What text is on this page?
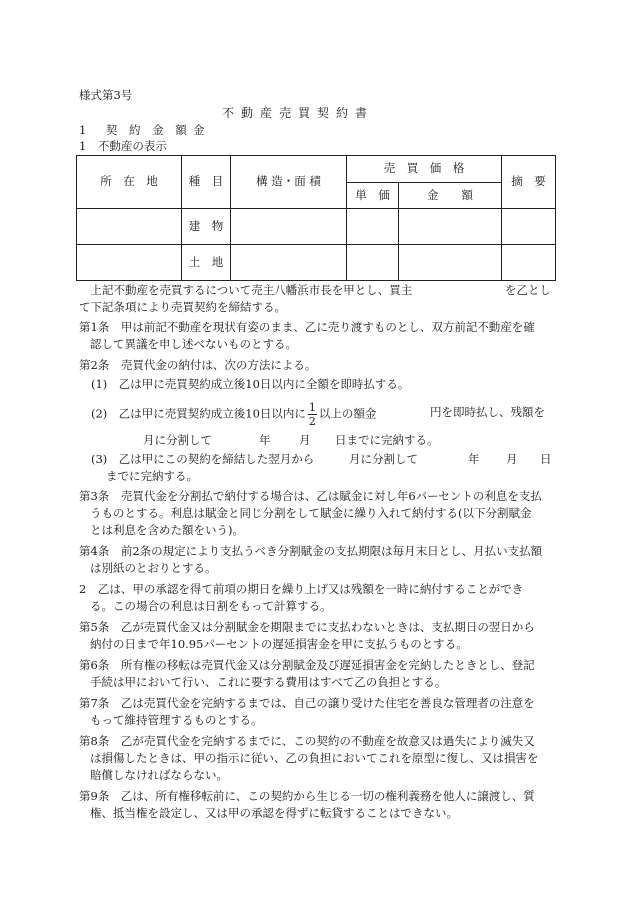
様式第3号
不動産売買契約書
1　契 約 金 額 金
1　不動産の表示
所　在　地	種　目	構 造・面 積	売　買　価　格		摘　要
			単　価	金　　額	
	建　物				
	土　地				
　上記不動産を売買するについて売主八幡浜市長を甲とし、買主	を乙とし
て下記条項により売買契約を締結する。
第1条　甲は前記不動産を現状有姿のまま、乙に売り渡すものとし、双方前記不動産を確
認して異議を申し述べないものとする。
第2条　売買代金の納付は、次の方法による。
(1)　乙は甲に売買契約成立後10日以内に全額を即時払する。
(2)　乙は甲に売買契約成立後10日以内に $\frac{1}{2}$ 以上の額金	円を即時払し、残額を
月に分割して	年 月 日までに完納する。
(3)　乙は甲にこの契約を締結した翌月から	月に分割して	年 月 日
までに完納する。
第3条　売買代金を分割払で納付する場合は、乙は賦金に対し年6パーセントの利息を支払
うものとする。利息は賦金と同じ分割をして賦金に繰り入れて納付する(以下分割賦金
とは利息を含めた額をいう)。
第4条　前2条の規定により支払うべき分割賦金の支払期限は毎月末日とし、月払い支払額
は別紙のとおりとする。
2　乙は、甲の承認を得て前項の期日を繰り上げ又は残額を一時に納付することができ
る。この場合の利息は日割をもって計算する。
第5条　乙が売買代金又は分割賦金を期限までに支払わないときは、支払期日の翌日から
納付の日まで年10.95パーセントの遅延損害金を甲に支払うものとする。
第6条　所有権の移転は売買代金又は分割賦金及び遅延損害金を完納したときとし、登記
手続は甲において行い、これに要する費用はすべて乙の負担とする。
第7条　乙は売買代金を完納するまでは、自己の譲り受けた住宅を善良な管理者の注意を
もって維持管理するものとする。
第8条　乙が売買代金を完納するまでに、この契約の不動産を故意又は過失により滅失又
は損傷したときは、甲の指示に従い、乙の負担においてこれを原型に復し、又は損害を
賠償しなければならない。
第9条　乙は、所有権移転前に、この契約から生じる一切の権利義務を他人に譲渡し、質
権、抵当権を設定し、又は甲の承認を得ずに転貸することはできない。
